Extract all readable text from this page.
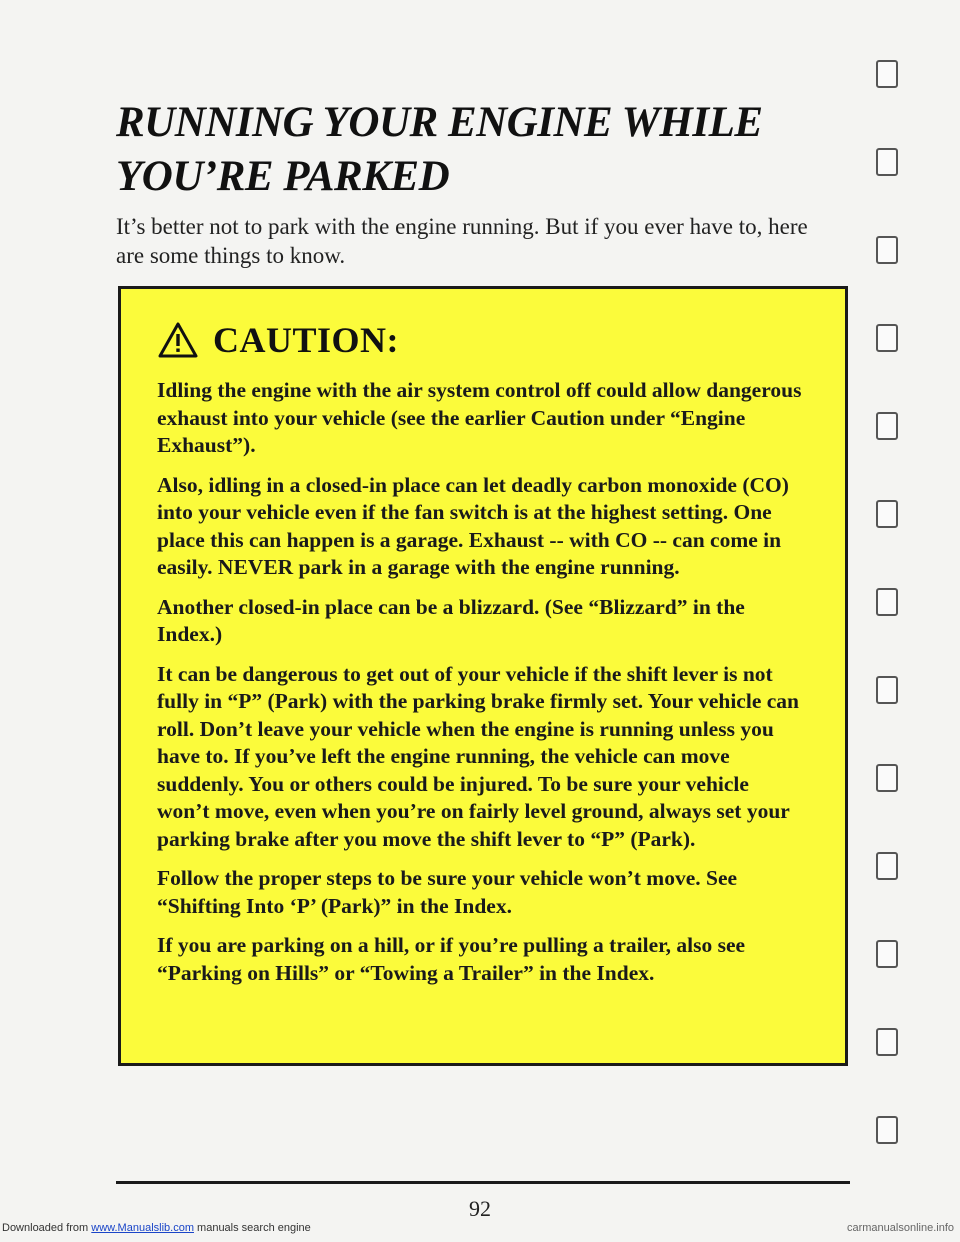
RUNNING YOUR ENGINE WHILE YOU’RE PARKED

It’s better not to park with the engine running. But if you ever have to, here are some things to know.

CAUTION:

Idling the engine with the air system control off could allow dangerous exhaust into your vehicle (see the earlier Caution under “Engine Exhaust”).

Also, idling in a closed-in place can let deadly carbon monoxide (CO) into your vehicle even if the fan switch is at the highest setting. One place this can happen is a garage. Exhaust -- with CO -- can come in easily. NEVER park in a garage with the engine running.

Another closed-in place can be a blizzard. (See “Blizzard” in the Index.)

It can be dangerous to get out of your vehicle if the shift lever is not fully in “P” (Park) with the parking brake firmly set. Your vehicle can roll. Don’t leave your vehicle when the engine is running unless you have to. If you’ve left the engine running, the vehicle can move suddenly. You or others could be injured. To be sure your vehicle won’t move, even when you’re on fairly level ground, always set your parking brake after you move the shift lever to “P” (Park).

Follow the proper steps to be sure your vehicle won’t move. See “Shifting Into ‘P’ (Park)” in the Index.

If you are parking on a hill, or if you’re pulling a trailer, also see “Parking on Hills” or “Towing a Trailer” in the Index.

92
Downloaded from www.Manualslib.com manuals search engine	carmanualsonline.info
